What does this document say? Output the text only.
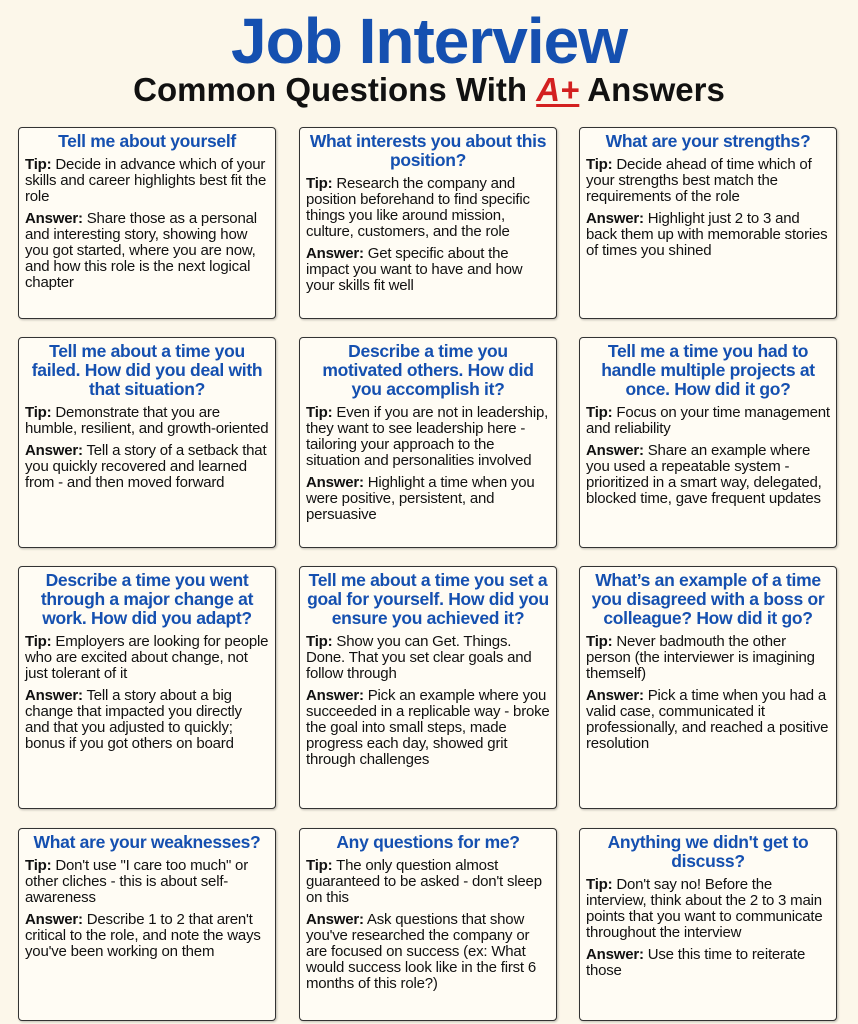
Job Interview
Common Questions With A+ Answers
Tell me about yourself

Tip: Decide in advance which of your skills and career highlights best fit the role

Answer: Share those as a personal and interesting story, showing how you got started, where you are now, and how this role is the next logical chapter

What interests you about this position?

Tip: Research the company and position beforehand to find specific things you like around mission, culture, customers, and the role

Answer: Get specific about the impact you want to have and how your skills fit well

What are your strengths?

Tip: Decide ahead of time which of your strengths best match the requirements of the role

Answer: Highlight just 2 to 3 and back them up with memorable stories of times you shined

Tell me about a time you failed. How did you deal with that situation?

Tip: Demonstrate that you are humble, resilient, and growth-oriented

Answer: Tell a story of a setback that you quickly recovered and learned from - and then moved forward

Describe a time you motivated others. How did you accomplish it?

Tip: Even if you are not in leadership, they want to see leadership here - tailoring your approach to the situation and personalities involved

Answer: Highlight a time when you were positive, persistent, and persuasive

Tell me a time you had to handle multiple projects at once. How did it go?

Tip: Focus on your time management and reliability

Answer: Share an example where you used a repeatable system - prioritized in a smart way, delegated, blocked time, gave frequent updates

Describe a time you went through a major change at work. How did you adapt?

Tip: Employers are looking for people who are excited about change, not just tolerant of it

Answer: Tell a story about a big change that impacted you directly and that you adjusted to quickly; bonus if you got others on board

Tell me about a time you set a goal for yourself. How did you ensure you achieved it?

Tip: Show you can Get. Things. Done. That you set clear goals and follow through

Answer: Pick an example where you succeeded in a replicable way - broke the goal into small steps, made progress each day, showed grit through challenges

What’s an example of a time you disagreed with a boss or colleague? How did it go?

Tip: Never badmouth the other person (the interviewer is imagining themself)

Answer: Pick a time when you had a valid case, communicated it professionally, and reached a positive resolution

What are your weaknesses?

Tip: Don't use "I care too much" or other cliches - this is about self-awareness

Answer: Describe 1 to 2 that aren't critical to the role, and note the ways you've been working on them

Any questions for me?

Tip: The only question almost guaranteed to be asked - don't sleep on this

Answer: Ask questions that show you've researched the company or are focused on success (ex: What would success look like in the first 6 months of this role?)

Anything we didn't get to discuss?

Tip: Don't say no! Before the interview, think about the 2 to 3 main points that you want to communicate throughout the interview

Answer: Use this time to reiterate those
